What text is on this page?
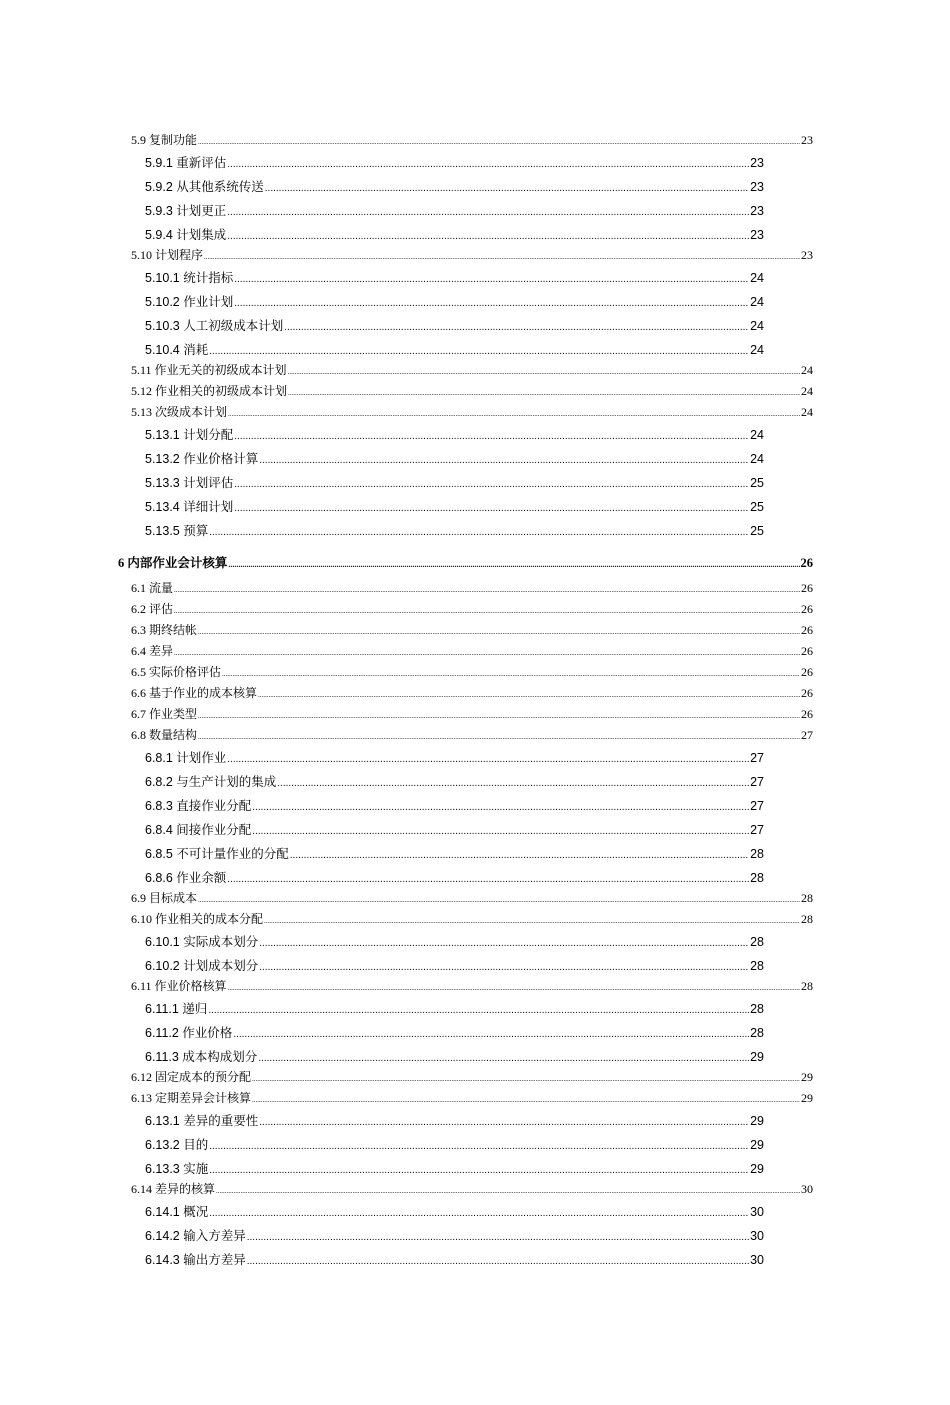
5.9 复制功能 .....	23
5.9.1 重新评估 .....	23
5.9.2 从其他系统传送 .....	23
5.9.3 计划更正 .....	23
5.9.4 计划集成 .....	23
5.10 计划程序 .....	23
5.10.1 统计指标 .....	24
5.10.2 作业计划 .....	24
5.10.3 人工初级成本计划 .....	24
5.10.4 消耗 .....	24
5.11 作业无关的初级成本计划 .....	24
5.12 作业相关的初级成本计划 .....	24
5.13 次级成本计划 .....	24
5.13.1 计划分配 .....	24
5.13.2 作业价格计算 .....	24
5.13.3 计划评估 .....	25
5.13.4 详细计划 .....	25
5.13.5 预算 .....	25
6 内部作业会计核算 .....	26
6.1 流量 .....	26
6.2 评估 .....	26
6.3 期终结帐 .....	26
6.4 差异 .....	26
6.5 实际价格评估 .....	26
6.6 基于作业的成本核算 .....	26
6.7 作业类型 .....	26
6.8 数量结构 .....	27
6.8.1 计划作业 .....	27
6.8.2 与生产计划的集成 .....	27
6.8.3 直接作业分配 .....	27
6.8.4 间接作业分配 .....	27
6.8.5 不可计量作业的分配 .....	28
6.8.6 作业余额 .....	28
6.9 目标成本 .....	28
6.10 作业相关的成本分配 .....	28
6.10.1 实际成本划分 .....	28
6.10.2 计划成本划分 .....	28
6.11 作业价格核算 .....	28
6.11.1 递归 .....	28
6.11.2 作业价格 .....	28
6.11.3 成本构成划分 .....	29
6.12 固定成本的预分配 .....	29
6.13 定期差异会计核算 .....	29
6.13.1 差异的重要性 .....	29
6.13.2 目的 .....	29
6.13.3 实施 .....	29
6.14 差异的核算 .....	30
6.14.1 概况 .....	30
6.14.2 输入方差异 .....	30
6.14.3 输出方差异 .....	30
